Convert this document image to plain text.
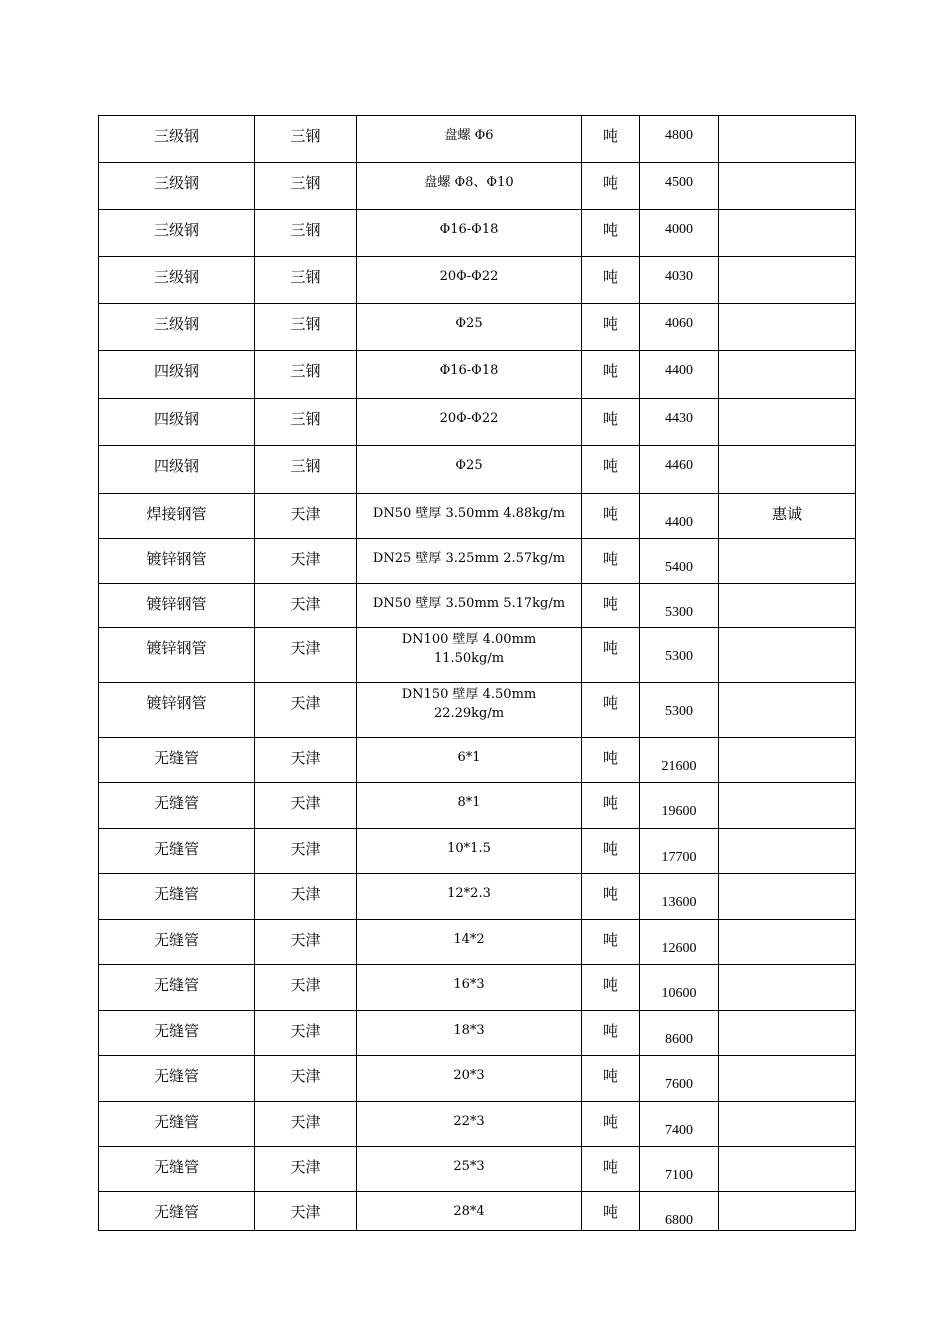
三级钢	三钢	盘螺 Φ6	吨	4800	

三级钢	三钢	盘螺 Φ8、Φ10	吨	4500	

三级钢	三钢	Φ16-Φ18	吨	4000	

三级钢	三钢	20Φ-Φ22	吨	4030	

三级钢	三钢	Φ25	吨	4060	

四级钢	三钢	Φ16-Φ18	吨	4400	

四级钢	三钢	20Φ-Φ22	吨	4430	

四级钢	三钢	Φ25	吨	4460	

焊接钢管	天津	DN50 壁厚 3.50mm 4.88kg/m	吨	4400	惠诚

镀锌钢管	天津	DN25 壁厚 3.25mm 2.57kg/m	吨	5400	

镀锌钢管	天津	DN50 壁厚 3.50mm 5.17kg/m	吨	5300	

镀锌钢管	天津	DN100 壁厚 4.00mm
11.50kg/m	吨	5300	

镀锌钢管	天津	DN150 壁厚 4.50mm
22.29kg/m	吨	5300	

无缝管	天津	6*1	吨	21600	

无缝管	天津	8*1	吨	19600	

无缝管	天津	10*1.5	吨	17700	

无缝管	天津	12*2.3	吨	13600	

无缝管	天津	14*2	吨	12600	

无缝管	天津	16*3	吨	10600	

无缝管	天津	18*3	吨	8600	

无缝管	天津	20*3	吨	7600	

无缝管	天津	22*3	吨	7400	

无缝管	天津	25*3	吨	7100	

无缝管	天津	28*4	吨	6800	
